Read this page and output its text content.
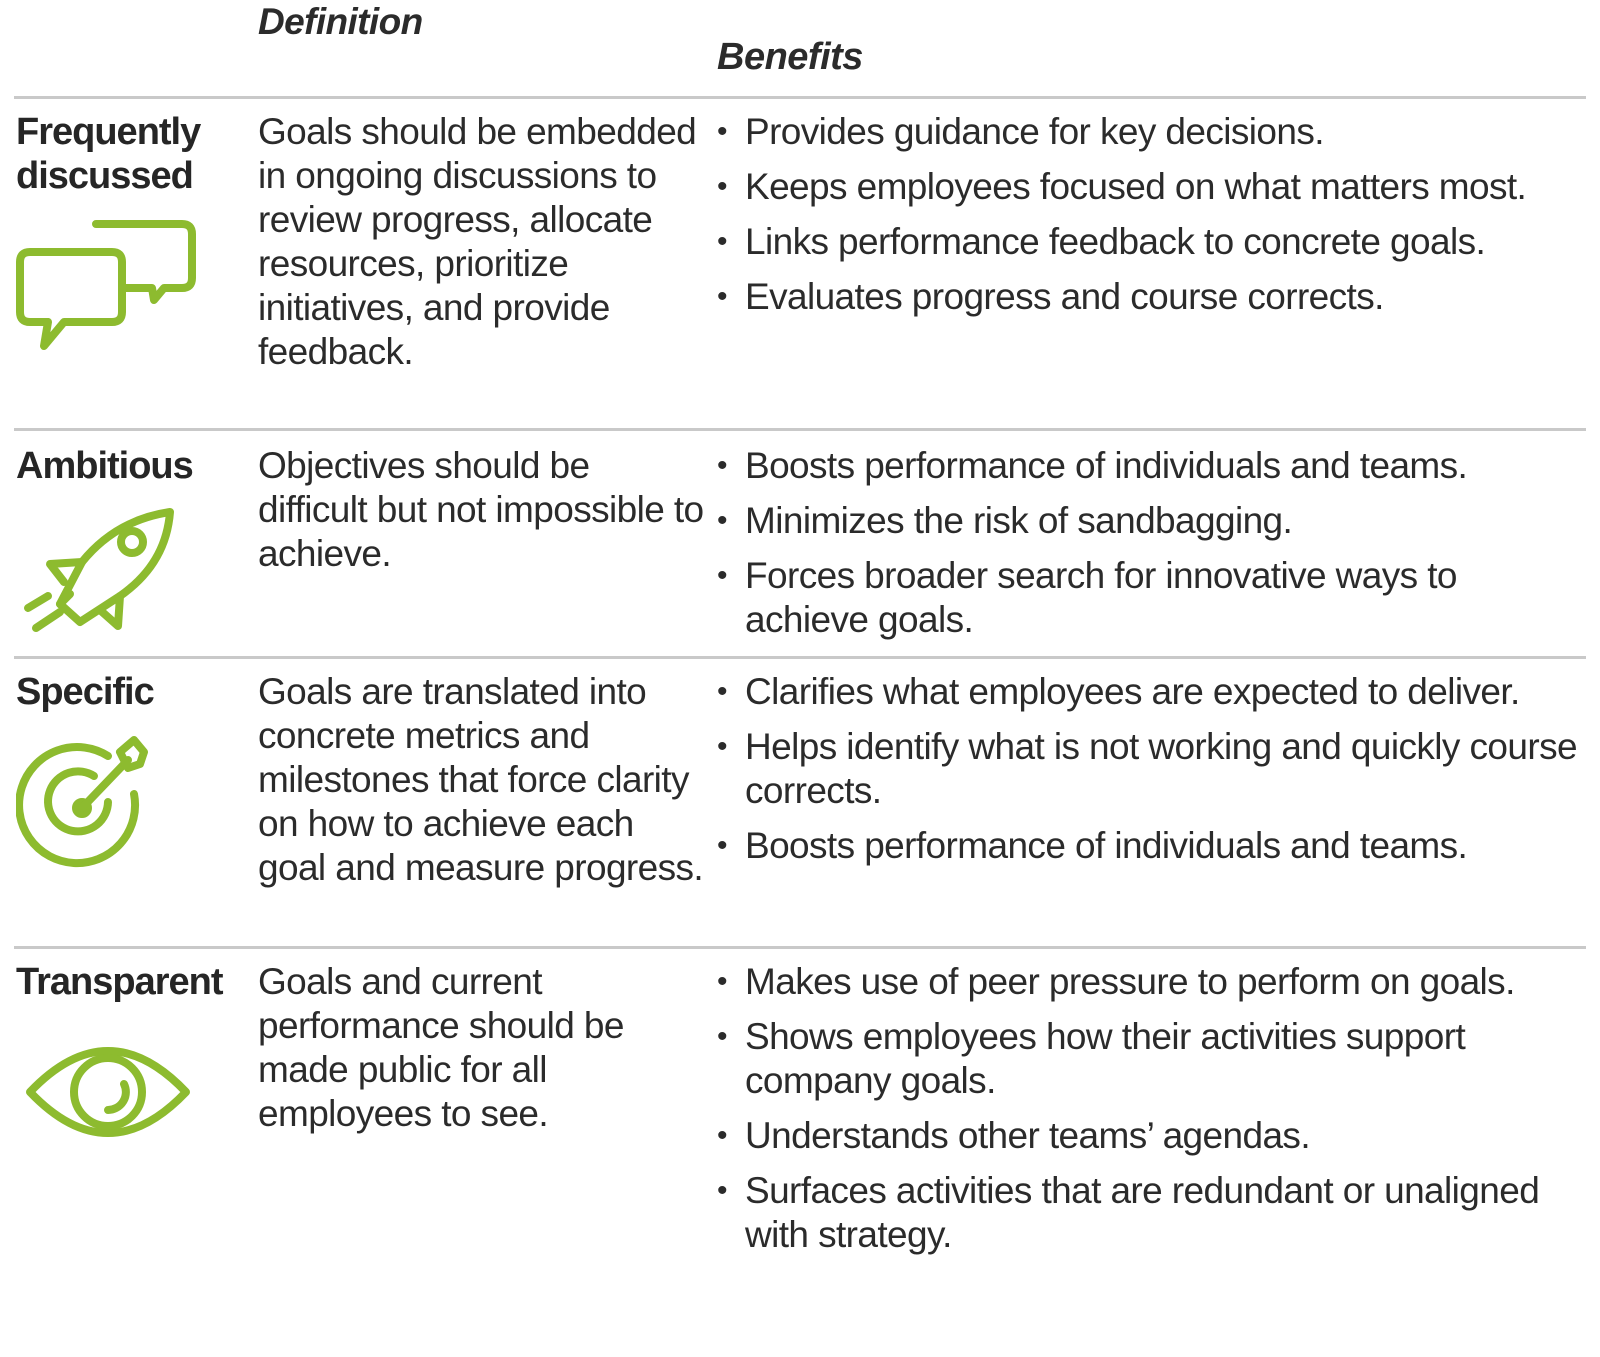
Definition
Benefits
Frequently
discussed
Goals should be embedded in ongoing discussions to review progress, allocate resources, prioritize initiatives, and provide feedback.
• Provides guidance for key decisions.
• Keeps employees focused on what matters most.
• Links performance feedback to concrete goals.
• Evaluates progress and course corrects.
Ambitious	Objectives should be difficult but not impossible to achieve.
• Boosts performance of individuals and teams.
• Minimizes the risk of sandbagging.
• Forces broader search for innovative ways to achieve goals.
Specific	Goals are translated into concrete metrics and milestones that force clarity on how to achieve each goal and measure progress.
• Clarifies what employees are expected to deliver.
• Helps identify what is not working and quickly course corrects.
• Boosts performance of individuals and teams.
Transparent Goals and current performance should be made public for all employees to see.
• Makes use of peer pressure to perform on goals.
• Shows employees how their activities support company goals.
• Understands other teams’ agendas.
• Surfaces activities that are redundant or unaligned with strategy.
